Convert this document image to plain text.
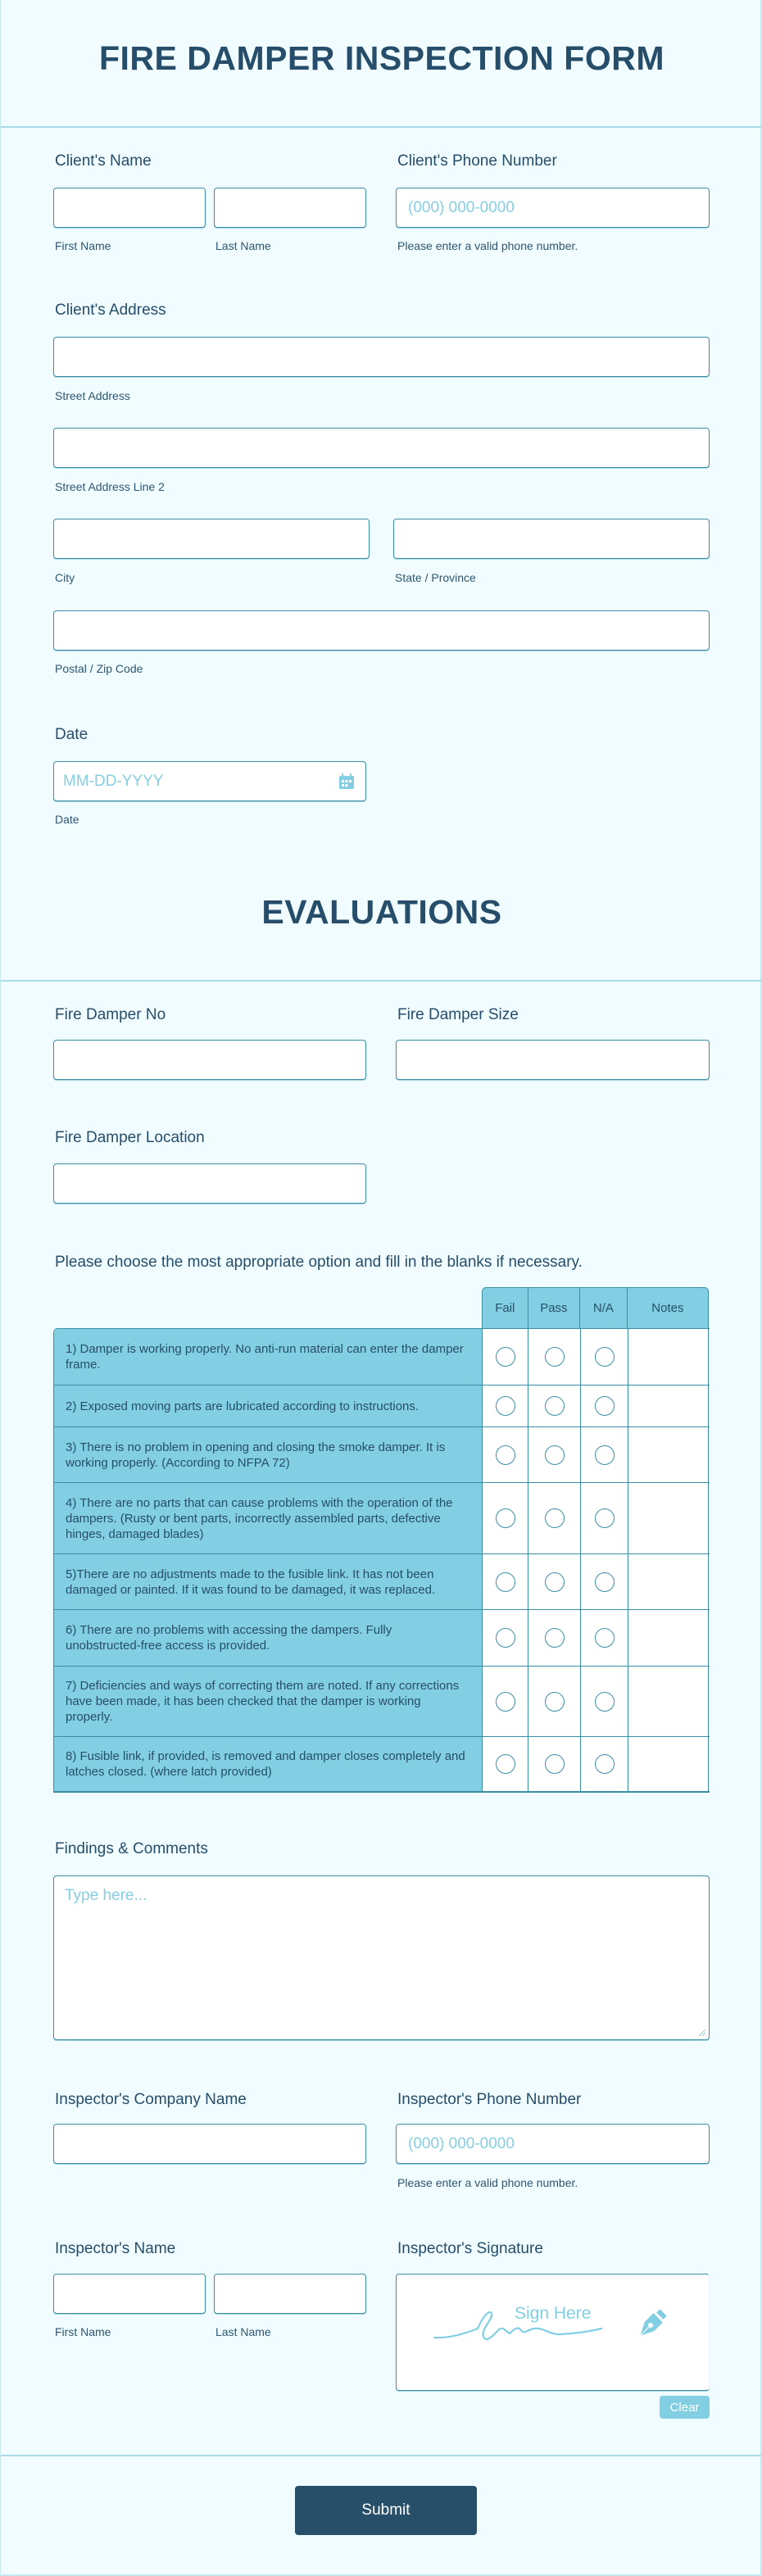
FIRE DAMPER INSPECTION FORM
Client's Name
First Name	Last Name
Client's Phone Number
(000) 000-0000
Please enter a valid phone number.
Client's Address
Street Address
Street Address Line 2
City	State / Province
Postal / Zip Code
Date
MM-DD-YYYY
Date
EVALUATIONS
Fire Damper No	Fire Damper Size
Fire Damper Location
Please choose the most appropriate option and fill in the blanks if necessary.
Fail	Pass	N/A	Notes
1) Damper is working properly. No anti-run material can enter the damper frame.
2) Exposed moving parts are lubricated according to instructions.
3) There is no problem in opening and closing the smoke damper. It is working properly. (According to NFPA 72)
4) There are no parts that can cause problems with the operation of the dampers. (Rusty or bent parts, incorrectly assembled parts, defective hinges, damaged blades)
5)There are no adjustments made to the fusible link. It has not been damaged or painted. If it was found to be damaged, it was replaced.
6) There are no problems with accessing the dampers. Fully unobstructed-free access is provided.
7) Deficiencies and ways of correcting them are noted. If any corrections have been made, it has been checked that the damper is working properly.
8) Fusible link, if provided, is removed and damper closes completely and latches closed. (where latch provided)
Findings & Comments
Type here...
Inspector's Company Name	Inspector's Phone Number
(000) 000-0000
Please enter a valid phone number.
Inspector's Name
First Name	Last Name
Inspector's Signature
Sign Here
Clear
Submit
